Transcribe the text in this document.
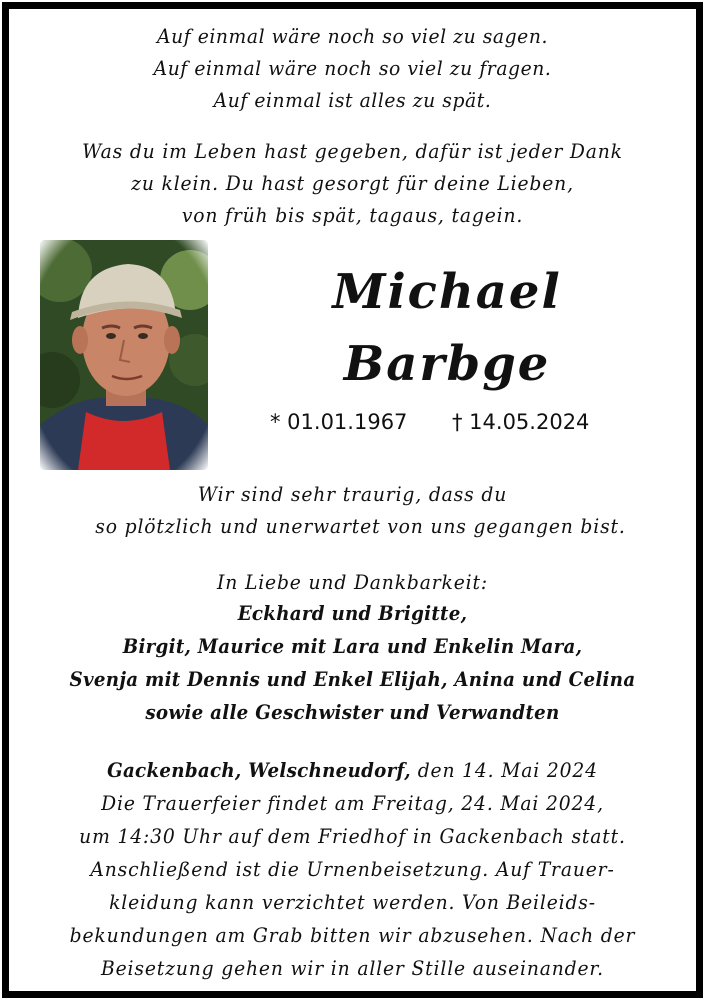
Auf einmal wäre noch so viel zu sagen.
Auf einmal wäre noch so viel zu fragen.
Auf einmal ist alles zu spät.
Was du im Leben hast gegeben, dafür ist jeder Dank
zu klein. Du hast gesorgt für deine Lieben,
von früh bis spät, tagaus, tagein.
Michael
Barbge
* 01.01.1967 † 14.05.2024
Wir sind sehr traurig, dass du
so plötzlich und unerwartet von uns gegangen bist.
In Liebe und Dankbarkeit:
Eckhard und Brigitte,
Birgit, Maurice mit Lara und Enkelin Mara,
Svenja mit Dennis und Enkel Elijah, Anina und Celina
sowie alle Geschwister und Verwandten
Gackenbach, Welschneudorf, den 14. Mai 2024
Die Trauerfeier findet am Freitag, 24. Mai 2024,
um 14:30 Uhr auf dem Friedhof in Gackenbach statt.
Anschließend ist die Urnenbeisetzung. Auf Trauer-
kleidung kann verzichtet werden. Von Beileids-
bekundungen am Grab bitten wir abzusehen. Nach der
Beisetzung gehen wir in aller Stille auseinander.
